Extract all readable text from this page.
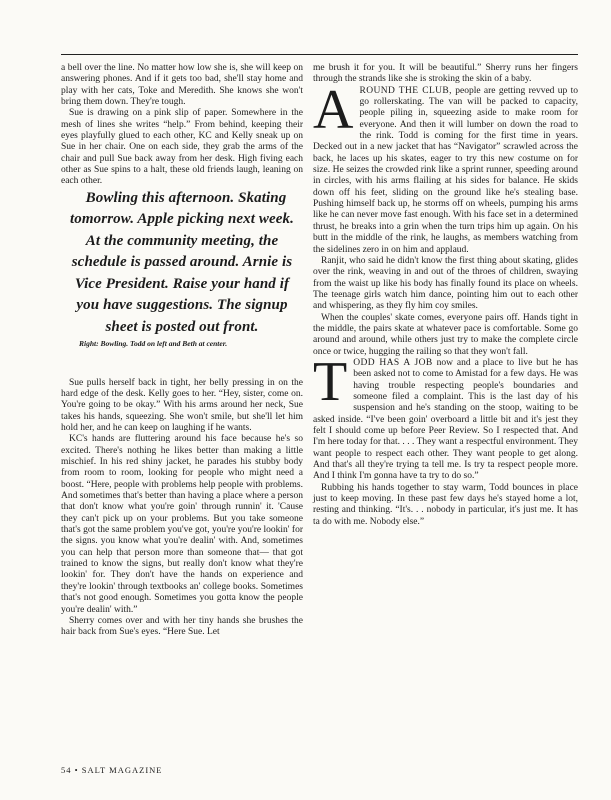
a bell over the line. No matter how low she is, she will keep on answering phones. And if it gets too bad, she'll stay home and play with her cats, Toke and Meredith. She knows she won't bring them down. They're tough.

Sue is drawing on a pink slip of paper. Somewhere in the mesh of lines she writes “help.” From behind, keeping their eyes playfully glued to each other, KC and Kelly sneak up on Sue in her chair. One on each side, they grab the arms of the chair and pull Sue back away from her desk. High fiving each other as Sue spins to a halt, these old friends laugh, leaning on each other.

Bowling this afternoon. Skating tomorrow. Apple picking next week. At the community meeting, the schedule is passed around. Arnie is Vice President. Raise your hand if you have suggestions. The signup sheet is posted out front.

Right: Bowling. Todd on left and Beth at center.

Sue pulls herself back in tight, her belly pressing in on the hard edge of the desk. Kelly goes to her. “Hey, sister, come on. You're going to be okay.” With his arms around her neck, Sue takes his hands, squeezing. She won't smile, but she'll let him hold her, and he can keep on laughing if he wants.

KC's hands are fluttering around his face because he's so excited. There's nothing he likes better than making a little mischief. In his red shiny jacket, he parades his stubby body from room to room, looking for people who might need a boost. “Here, people with problems help people with problems. And sometimes that's better than having a place where a person that don't know what you're goin' through runnin' it. 'Cause they can't pick up on your problems. But you take someone that's got the same problem you've got, you're you're lookin' for the signs. you know what you're dealin' with. And, sometimes you can help that person more than someone that— that got trained to know the signs, but really don't know what they're lookin' for. They don't have the hands on experience and they're lookin' through textbooks an' college books. Sometimes that's not good enough. Sometimes you gotta know the people you're dealin' with.”

Sherry comes over and with her tiny hands she brushes the hair back from Sue's eyes. “Here Sue. Let

me brush it for you. It will be beautiful.” Sherry runs her fingers through the strands like she is stroking the skin of a baby.

AROUND THE CLUB, people are getting revved up to go rollerskating. The van will be packed to capacity, people piling in, squeezing aside to make room for everyone. And then it will lumber on down the road to the rink. Todd is coming for the first time in years. Decked out in a new jacket that has “Navigator” scrawled across the back, he laces up his skates, eager to try this new costume on for size. He seizes the crowded rink like a sprint runner, speeding around in circles, with his arms flailing at his sides for balance. He skids down off his feet, sliding on the ground like he's stealing base. Pushing himself back up, he storms off on wheels, pumping his arms like he can never move fast enough. With his face set in a determined thrust, he breaks into a grin when the turn trips him up again. On his butt in the middle of the rink, he laughs, as members watching from the sidelines zero in on him and applaud.

Ranjit, who said he didn't know the first thing about skating, glides over the rink, weaving in and out of the throes of children, swaying from the waist up like his body has finally found its place on wheels. The teenage girls watch him dance, pointing him out to each other and whispering, as they fly him coy smiles.

When the couples' skate comes, everyone pairs off. Hands tight in the middle, the pairs skate at whatever pace is comfortable. Some go around and around, while others just try to make the complete circle once or twice, hugging the railing so that they won't fall.

TODD HAS A JOB now and a place to live but he has been asked not to come to Amistad for a few days. He was having trouble respecting people's boundaries and someone filed a complaint. This is the last day of his suspension and he's standing on the stoop, waiting to be asked inside. “I've been goin' overboard a little bit and it's jest they felt I should come up before Peer Review. So I respected that. And I'm here today for that. . . . They want a respectful environment. They want people to respect each other. They want people to get along. And that's all they're trying ta tell me. Is try ta respect people more. And I think I'm gonna have ta try to do so.”

Rubbing his hands together to stay warm, Todd bounces in place just to keep moving. In these past few days he's stayed home a lot, resting and thinking. “It's. . . nobody in particular, it's just me. It has ta do with me. Nobody else.”

54 • SALT MAGAZINE
